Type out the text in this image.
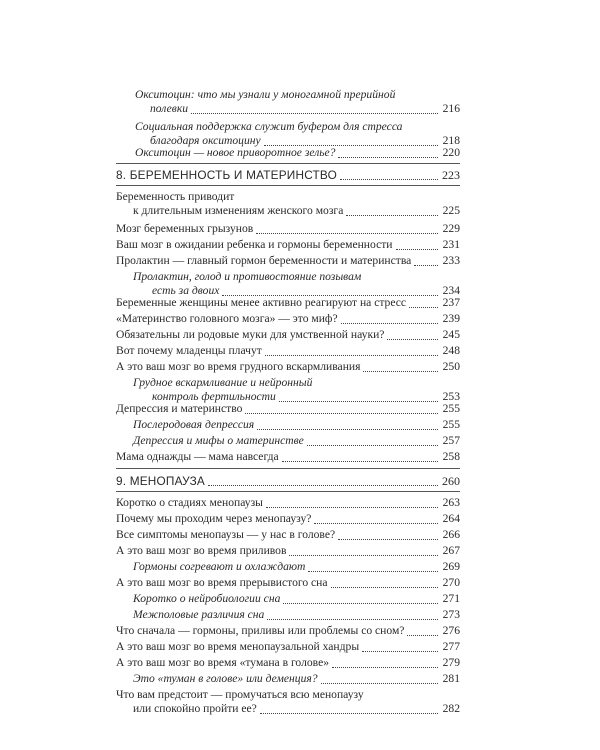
Окситоцин: что мы узнали у моногамной прерийной
полевки	216
Социальная поддержка служит буфером для стресса
благодаря окситоцину	218
Окситоцин — новое приворотное зелье?	220
8. БЕРЕМЕННОСТЬ И МАТЕРИНСТВО	223
Беременность приводит
к длительным изменениям женского мозга	225
Мозг беременных грызунов	229
Ваш мозг в ожидании ребенка и гормоны беременности	231
Пролактин — главный гормон беременности и материнства	233
Пролактин, голод и противостояние позывам
есть за двоих	234
Беременные женщины менее активно реагируют на стресс	237
«Материнство головного мозга» — это миф?	239
Обязательны ли родовые муки для умственной науки?	245
Вот почему младенцы плачут	248
А это ваш мозг во время грудного вскармливания	250
Грудное вскармливание и нейронный
контроль фертильности	253
Депрессия и материнство	255
Послеродовая депрессия	255
Депрессия и мифы о материнстве	257
Мама однажды — мама навсегда	258
9. МЕНОПАУЗА	260
Коротко о стадиях менопаузы	263
Почему мы проходим через менопаузу?	264
Все симптомы менопаузы — у нас в голове?	266
А это ваш мозг во время приливов	267
Гормоны согревают и охлаждают	269
А это ваш мозг во время прерывистого сна	270
Коротко о нейробиологии сна	271
Межполовые различия сна	273
Что сначала — гормоны, приливы или проблемы со сном?	276
А это ваш мозг во время менопаузальной хандры	277
А это ваш мозг во время «тумана в голове»	279
Это «туман в голове» или деменция?	281
Что вам предстоит — промучаться всю менопаузу
или спокойно пройти ее?	282
